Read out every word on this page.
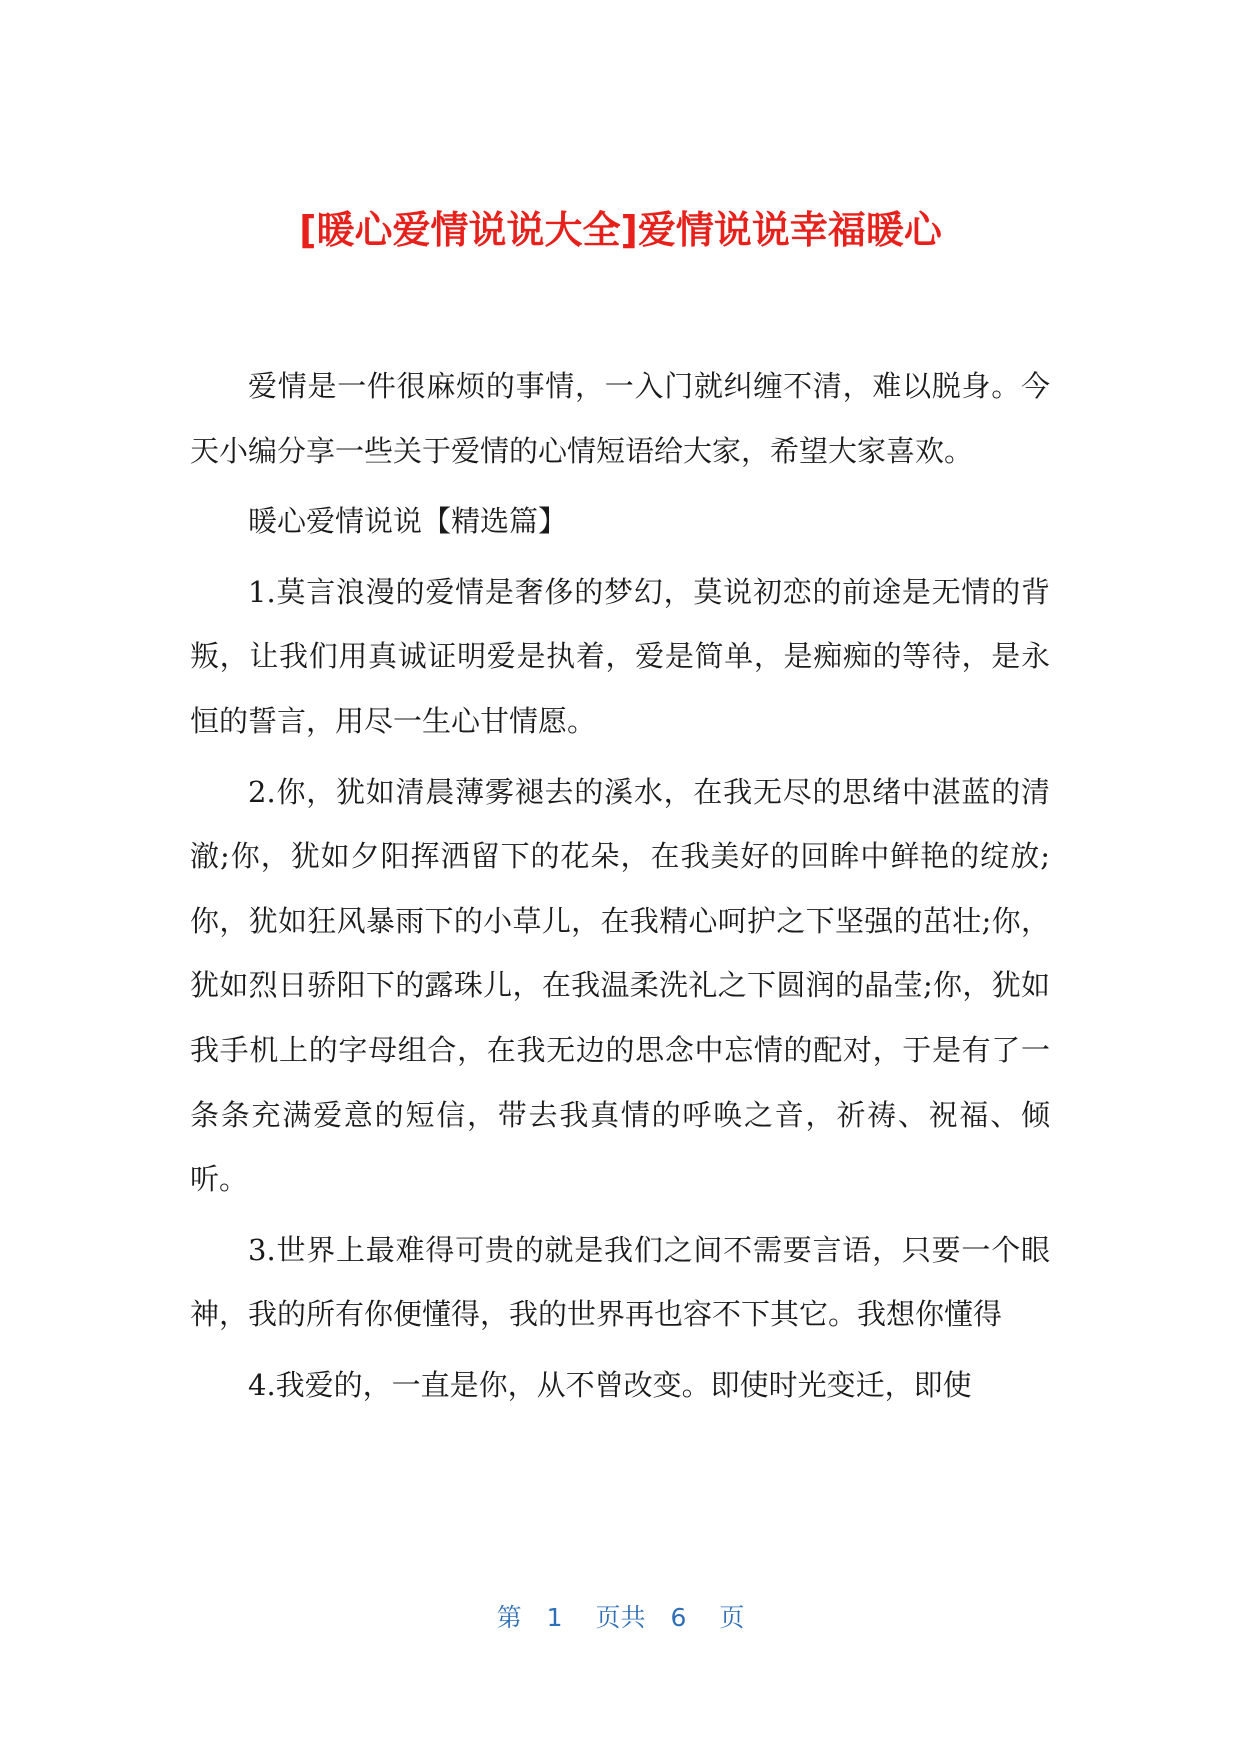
[暖心爱情说说大全]爱情说说幸福暖心

爱情是一件很麻烦的事情，一入门就纠缠不清，难以脱身。今天小编分享一些关于爱情的心情短语给大家，希望大家喜欢。

暖心爱情说说【精选篇】

1.莫言浪漫的爱情是奢侈的梦幻，莫说初恋的前途是无情的背叛，让我们用真诚证明爱是执着，爱是简单，是痴痴的等待，是永恒的誓言，用尽一生心甘情愿。

2.你，犹如清晨薄雾褪去的溪水，在我无尽的思绪中湛蓝的清澈;你，犹如夕阳挥洒留下的花朵，在我美好的回眸中鲜艳的绽放;你，犹如狂风暴雨下的小草儿，在我精心呵护之下坚强的茁壮;你，犹如烈日骄阳下的露珠儿，在我温柔洗礼之下圆润的晶莹;你，犹如我手机上的字母组合，在我无边的思念中忘情的配对，于是有了一条条充满爱意的短信，带去我真情的呼唤之音，祈祷、祝福、倾听。

3.世界上最难得可贵的就是我们之间不需要言语，只要一个眼神，我的所有你便懂得，我的世界再也容不下其它。我想你懂得

4.我爱的，一直是你，从不曾改变。即使时光变迁，即使

第　1　 页共　6　 页
